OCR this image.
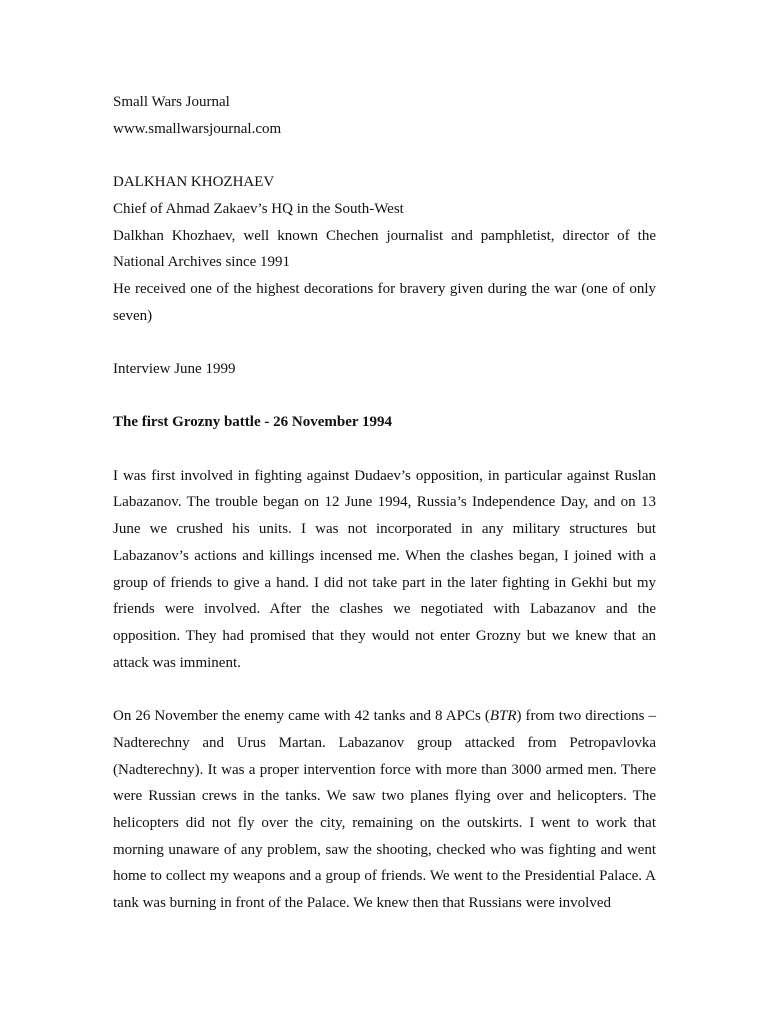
Small Wars Journal

www.smallwarsjournal.com

DALKHAN KHOZHAEV

Chief of Ahmad Zakaev’s HQ in the South-West

Dalkhan Khozhaev, well known Chechen journalist and pamphletist, director of the National Archives since 1991

He received one of the highest decorations for bravery given during the war (one of only seven)

Interview June 1999

The first Grozny battle - 26 November 1994

I was first involved in fighting against Dudaev’s opposition, in particular against Ruslan Labazanov. The trouble began on 12 June 1994, Russia’s Independence Day, and on 13 June we crushed his units. I was not incorporated in any military structures but Labazanov’s actions and killings incensed me. When the clashes began, I joined with a group of friends to give a hand. I did not take part in the later fighting in Gekhi but my friends were involved. After the clashes we negotiated with Labazanov and the opposition. They had promised that they would not enter Grozny but we knew that an attack was imminent.

On 26 November the enemy came with 42 tanks and 8 APCs (BTR) from two directions – Nadterechny and Urus Martan. Labazanov group attacked from Petropavlovka (Nadterechny). It was a proper intervention force with more than 3000 armed men. There were Russian crews in the tanks. We saw two planes flying over and helicopters. The helicopters did not fly over the city, remaining on the outskirts. I went to work that morning unaware of any problem, saw the shooting, checked who was fighting and went home to collect my weapons and a group of friends. We went to the Presidential Palace. A tank was burning in front of the Palace. We knew then that Russians were involved
